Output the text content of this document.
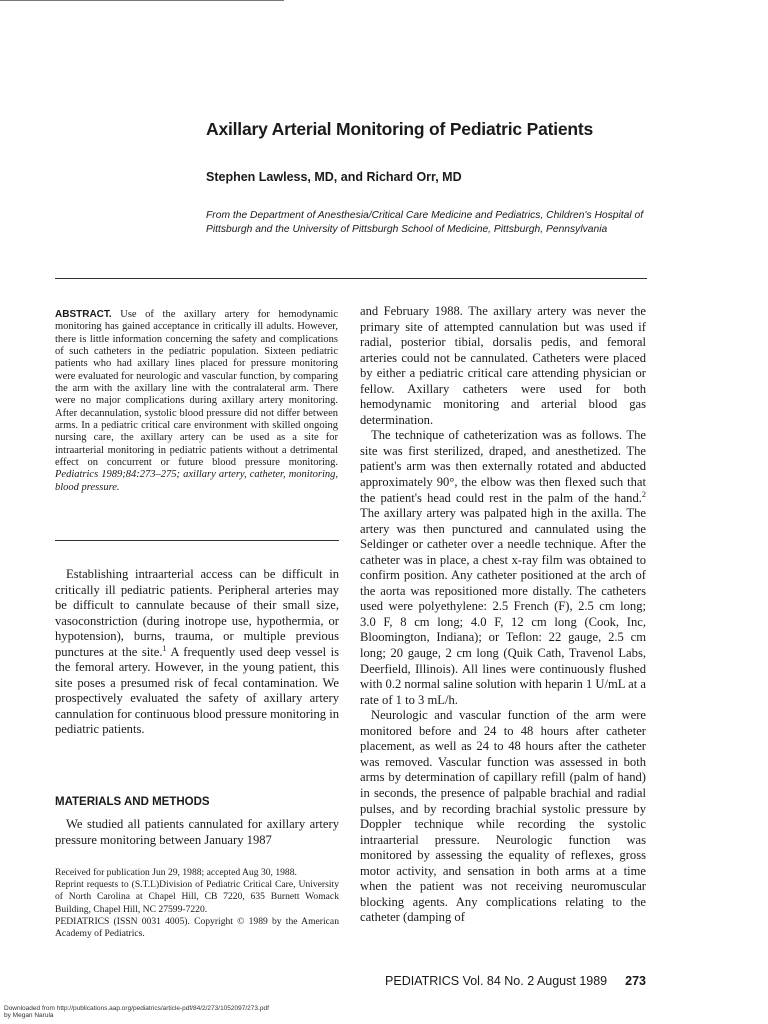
Axillary Arterial Monitoring of Pediatric Patients
Stephen Lawless, MD, and Richard Orr, MD
From the Department of Anesthesia/Critical Care Medicine and Pediatrics, Children's Hospital of Pittsburgh and the University of Pittsburgh School of Medicine, Pittsburgh, Pennsylvania
ABSTRACT. Use of the axillary artery for hemodynamic monitoring has gained acceptance in critically ill adults. However, there is little information concerning the safety and complications of such catheters in the pediatric population. Sixteen pediatric patients who had axillary lines placed for pressure monitoring were evaluated for neurologic and vascular function, by comparing the arm with the axillary line with the contralateral arm. There were no major complications during axillary artery monitoring. After decannulation, systolic blood pressure did not differ between arms. In a pediatric critical care environment with skilled ongoing nursing care, the axillary artery can be used as a site for intraarterial monitoring in pediatric patients without a detrimental effect on concurrent or future blood pressure monitoring. Pediatrics 1989;84:273–275; axillary artery, catheter, monitoring, blood pressure.

Establishing intraarterial access can be difficult in critically ill pediatric patients. Peripheral arteries may be difficult to cannulate because of their small size, vasoconstriction (during inotrope use, hypothermia, or hypotension), burns, trauma, or multiple previous punctures at the site.$^1$ A frequently used deep vessel is the femoral artery. However, in the young patient, this site poses a presumed risk of fecal contamination. We prospectively evaluated the safety of axillary artery cannulation for continuous blood pressure monitoring in pediatric patients.

MATERIALS AND METHODS

We studied all patients cannulated for axillary artery pressure monitoring between January 1987

Received for publication Jun 29, 1988; accepted Aug 30, 1988.

Reprint requests to (S.T.L)Division of Pediatric Critical Care, University of North Carolina at Chapel Hill, CB 7220, 635 Burnett Womack Building, Chapel Hill, NC 27599-7220.

PEDIATRICS (ISSN 0031 4005). Copyright © 1989 by the American Academy of Pediatrics.

and February 1988. The axillary artery was never the primary site of attempted cannulation but was used if radial, posterior tibial, dorsalis pedis, and femoral arteries could not be cannulated. Catheters were placed by either a pediatric critical care attending physician or fellow. Axillary catheters were used for both hemodynamic monitoring and arterial blood gas determination.

The technique of catheterization was as follows. The site was first sterilized, draped, and anesthetized. The patient's arm was then externally rotated and abducted approximately 90°, the elbow was then flexed such that the patient's head could rest in the palm of the hand.$^2$ The axillary artery was palpated high in the axilla. The artery was then punctured and cannulated using the Seldinger or catheter over a needle technique. After the catheter was in place, a chest x-ray film was obtained to confirm position. Any catheter positioned at the arch of the aorta was repositioned more distally. The catheters used were polyethylene: 2.5 French (F), 2.5 cm long; 3.0 F, 8 cm long; 4.0 F, 12 cm long (Cook, Inc, Bloomington, Indiana); or Teflon: 22 gauge, 2.5 cm long; 20 gauge, 2 cm long (Quik Cath, Travenol Labs, Deerfield, Illinois). All lines were continuously flushed with 0.2 normal saline solution with heparin 1 U/mL at a rate of 1 to 3 mL/h.

Neurologic and vascular function of the arm were monitored before and 24 to 48 hours after catheter placement, as well as 24 to 48 hours after the catheter was removed. Vascular function was assessed in both arms by determination of capillary refill (palm of hand) in seconds, the presence of palpable brachial and radial pulses, and by recording brachial systolic pressure by Doppler technique while recording the systolic intraarterial pressure. Neurologic function was monitored by assessing the equality of reflexes, gross motor activity, and sensation in both arms at a time when the patient was not receiving neuromuscular blocking agents. Any complications relating to the catheter (damping of

PEDIATRICS Vol. 84 No. 2 August 1989 273
Downloaded from http://publications.aap.org/pediatrics/article-pdf/84/2/273/1052097/273.pdf
by Megan Narula
